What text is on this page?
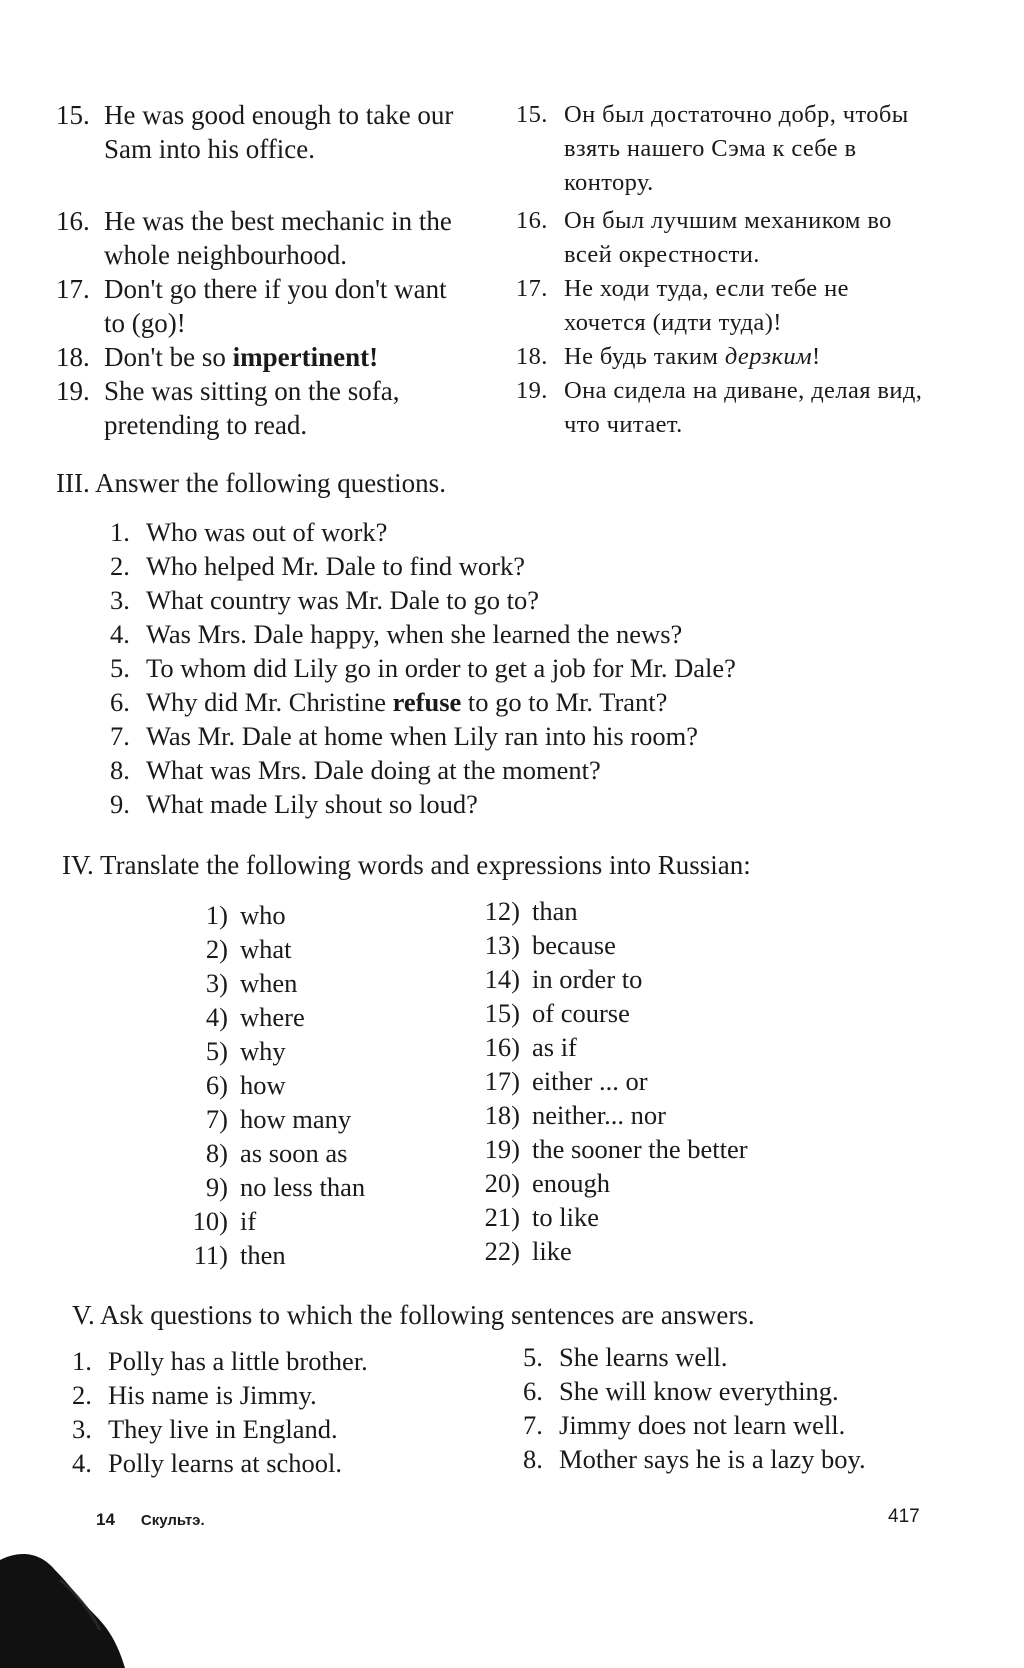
15. He was good enough to take our Sam into his office.
16. He was the best mechanic in the whole neighbourhood.
17. Don't go there if you don't want to (go)!
18. Don't be so impertinent!
19. She was sitting on the sofa, pretending to read.
15. Он был достаточно добр, чтобы взять нашего Сэма к себе в контору.
16. Он был лучшим механиком во всей окрестности.
17. Не ходи туда, если тебе не хочется (идти туда)!
18. Не будь таким дерзким!
19. Она сидела на диване, делая вид, что читает.
III. Answer the following questions.
1. Who was out of work?
2. Who helped Mr. Dale to find work?
3. What country was Mr. Dale to go to?
4. Was Mrs. Dale happy, when she learned the news?
5. To whom did Lily go in order to get a job for Mr. Dale?
6. Why did Mr. Christine refuse to go to Mr. Trant?
7. Was Mr. Dale at home when Lily ran into his room?
8. What was Mrs. Dale doing at the moment?
9. What made Lily shout so loud?
IV. Translate the following words and expressions into Russian:
1) who
2) what
3) when
4) where
5) why
6) how
7) how many
8) as soon as
9) no less than
10) if
11) then
12) than
13) because
14) in order to
15) of course
16) as if
17) either ... or
18) neither... nor
19) the sooner the better
20) enough
21) to like
22) like
V. Ask questions to which the following sentences are answers.
1. Polly has a little brother.
2. His name is Jimmy.
3. They live in England.
4. Polly learns at school.
5. She learns well.
6. She will know everything.
7. Jimmy does not learn well.
8. Mother says he is a lazy boy.
14 Скультэ.	417
